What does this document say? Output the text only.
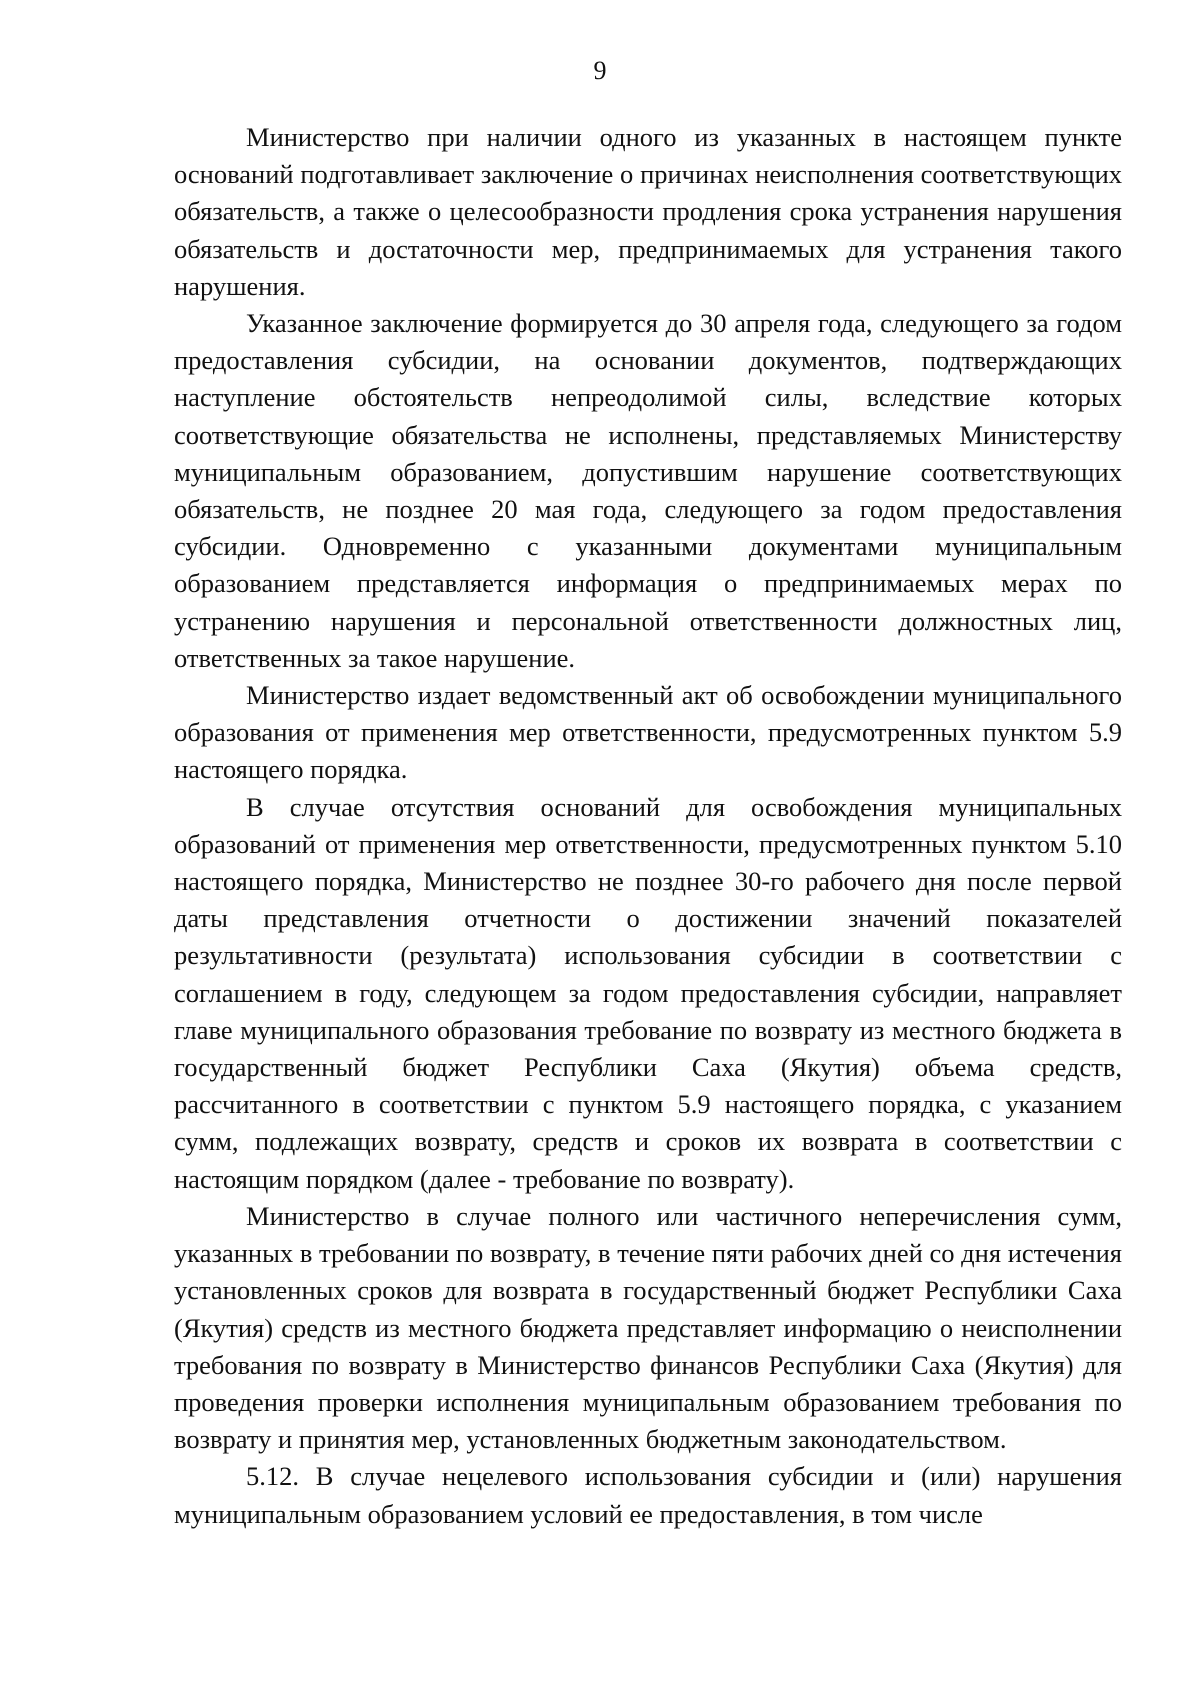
9

Министерство при наличии одного из указанных в настоящем пункте оснований подготавливает заключение о причинах неисполнения соответствующих обязательств, а также о целесообразности продления срока устранения нарушения обязательств и достаточности мер, предпринимаемых для устранения такого нарушения.

Указанное заключение формируется до 30 апреля года, следующего за годом предоставления субсидии, на основании документов, подтверждающих наступление обстоятельств непреодолимой силы, вследствие которых соответствующие обязательства не исполнены, представляемых Министерству муниципальным образованием, допустившим нарушение соответствующих обязательств, не позднее 20 мая года, следующего за годом предоставления субсидии. Одновременно с указанными документами муниципальным образованием представляется информация о предпринимаемых мерах по устранению нарушения и персональной ответственности должностных лиц, ответственных за такое нарушение.

Министерство издает ведомственный акт об освобождении муниципального образования от применения мер ответственности, предусмотренных пунктом 5.9 настоящего порядка.

В случае отсутствия оснований для освобождения муниципальных образований от применения мер ответственности, предусмотренных пунктом 5.10 настоящего порядка, Министерство не позднее 30-го рабочего дня после первой даты представления отчетности о достижении значений показателей результативности (результата) использования субсидии в соответствии с соглашением в году, следующем за годом предоставления субсидии, направляет главе муниципального образования требование по возврату из местного бюджета в государственный бюджет Республики Саха (Якутия) объема средств, рассчитанного в соответствии с пунктом 5.9 настоящего порядка, с указанием сумм, подлежащих возврату, средств и сроков их возврата в соответствии с настоящим порядком (далее - требование по возврату).

Министерство в случае полного или частичного неперечисления сумм, указанных в требовании по возврату, в течение пяти рабочих дней со дня истечения установленных сроков для возврата в государственный бюджет Республики Саха (Якутия) средств из местного бюджета представляет информацию о неисполнении требования по возврату в Министерство финансов Республики Саха (Якутия) для проведения проверки исполнения муниципальным образованием требования по возврату и принятия мер, установленных бюджетным законодательством.

5.12. В случае нецелевого использования субсидии и (или) нарушения муниципальным образованием условий ее предоставления, в том числе
